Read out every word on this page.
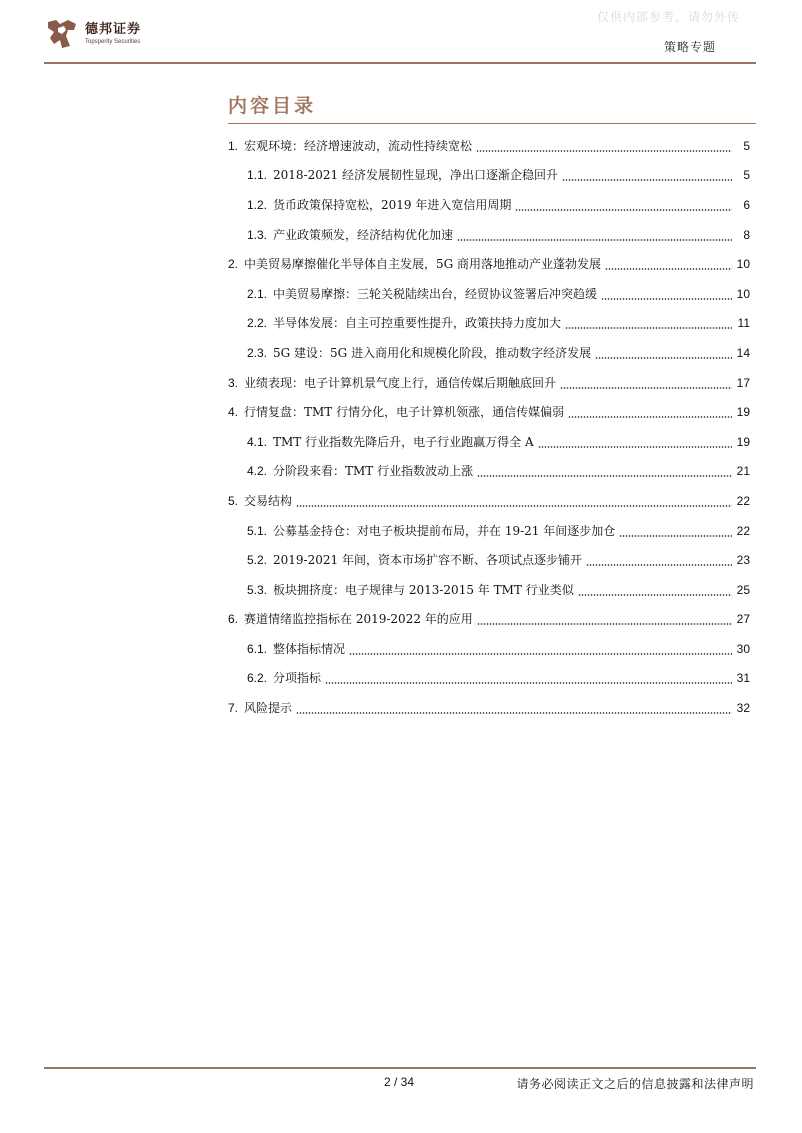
德邦证券
Topsperity Securities
仅供内部参考，请勿外传
策略专题
内容目录
1. 宏观环境：经济增速波动，流动性持续宽松	5
1.1. 2018-2021 经济发展韧性显现，净出口逐渐企稳回升	5
1.2. 货币政策保持宽松，2019 年进入宽信用周期	6
1.3. 产业政策频发，经济结构优化加速	8
2. 中美贸易摩擦催化半导体自主发展，5G 商用落地推动产业蓬勃发展	10
2.1. 中美贸易摩擦：三轮关税陆续出台，经贸协议签署后冲突趋缓	10
2.2. 半导体发展：自主可控重要性提升，政策扶持力度加大	11
2.3. 5G 建设：5G 进入商用化和规模化阶段，推动数字经济发展	14
3. 业绩表现：电子计算机景气度上行，通信传媒后期触底回升	17
4. 行情复盘：TMT 行情分化，电子计算机领涨，通信传媒偏弱	19
4.1. TMT 行业指数先降后升，电子行业跑赢万得全 A	19
4.2. 分阶段来看：TMT 行业指数波动上涨	21
5. 交易结构	22
5.1. 公募基金持仓：对电子板块提前布局，并在 19-21 年间逐步加仓	22
5.2. 2019-2021 年间，资本市场扩容不断、各项试点逐步铺开	23
5.3. 板块拥挤度：电子规律与 2013-2015 年 TMT 行业类似	25
6. 赛道情绪监控指标在 2019-2022 年的应用	27
6.1. 整体指标情况	30
6.2. 分项指标	31
7. 风险提示	32
2 / 34	请务必阅读正文之后的信息披露和法律声明
